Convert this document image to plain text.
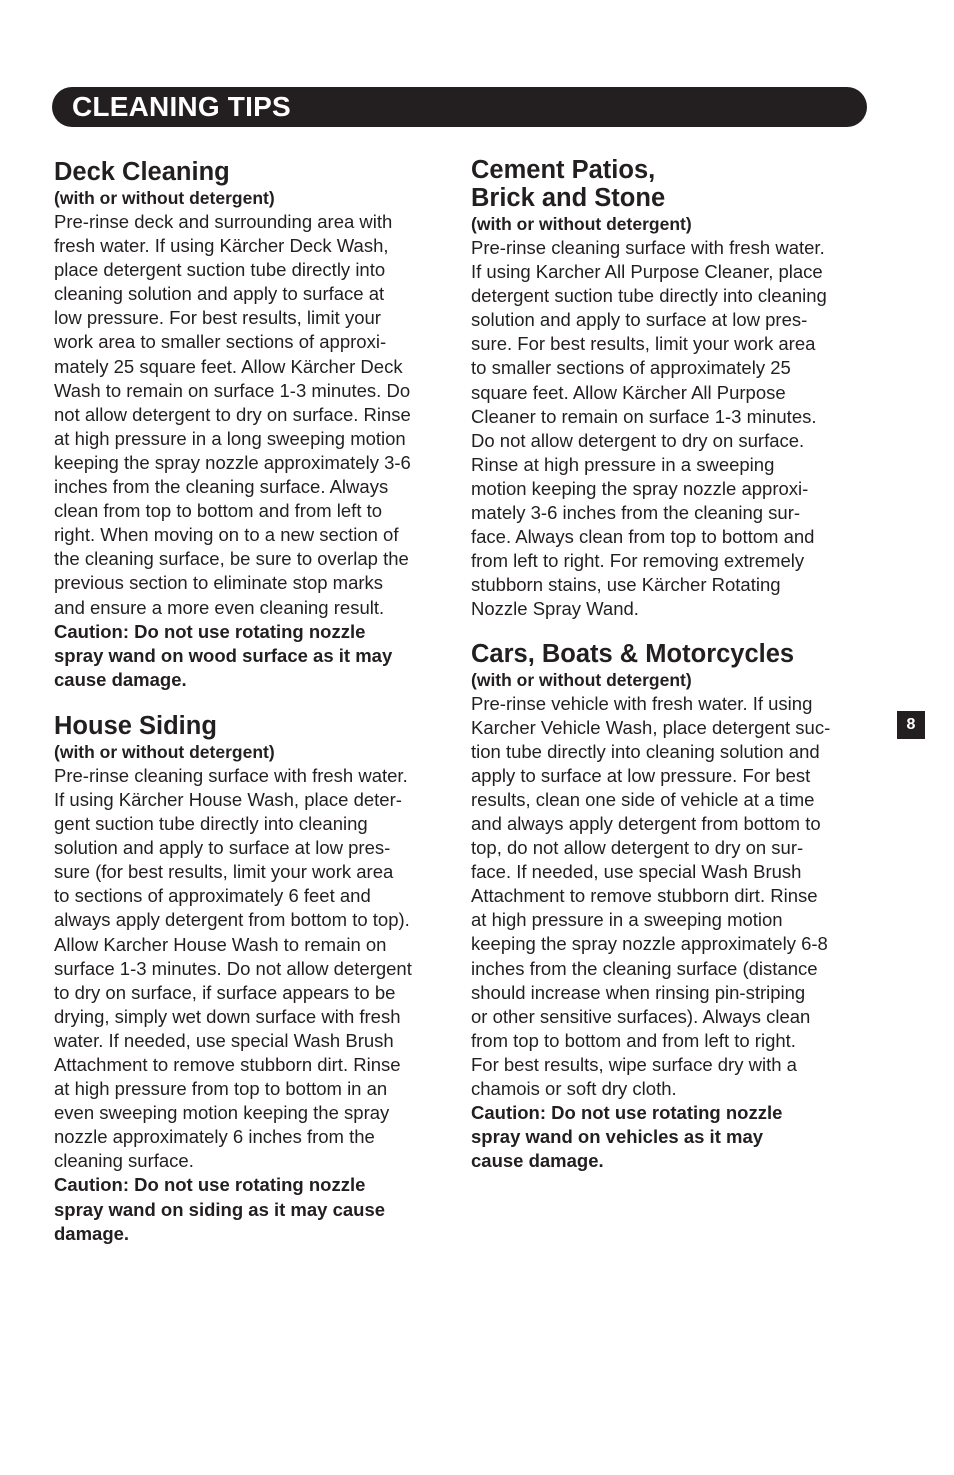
CLEANING TIPS
Deck Cleaning

(with or without detergent)

Pre-rinse deck and surrounding area with
fresh water. If using Kärcher Deck Wash,
place detergent suction tube directly into
cleaning solution and apply to surface at
low pressure. For best results, limit your
work area to smaller sections of approxi-
mately 25 square feet. Allow Kärcher Deck
Wash to remain on surface 1-3 minutes. Do
not allow detergent to dry on surface. Rinse
at high pressure in a long sweeping motion
keeping the spray nozzle approximately 3-6
inches from the cleaning surface. Always
clean from top to bottom and from left to
right. When moving on to a new section of
the cleaning surface, be sure to overlap the
previous section to eliminate stop marks
and ensure a more even cleaning result.

Caution: Do not use rotating nozzle
spray wand on wood surface as it may
cause damage.

House Siding

(with or without detergent)

Pre-rinse cleaning surface with fresh water.
If using Kärcher House Wash, place deter-
gent suction tube directly into cleaning
solution and apply to surface at low pres-
sure (for best results, limit your work area
to sections of approximately 6 feet and
always apply detergent from bottom to top).
Allow Karcher House Wash to remain on
surface 1-3 minutes. Do not allow detergent
to dry on surface, if surface appears to be
drying, simply wet down surface with fresh
water. If needed, use special Wash Brush
Attachment to remove stubborn dirt. Rinse
at high pressure from top to bottom in an
even sweeping motion keeping the spray
nozzle approximately 6 inches from the
cleaning surface.

Caution: Do not use rotating nozzle
spray wand on siding as it may cause
damage.

Cement Patios,
Brick and Stone

(with or without detergent)

Pre-rinse cleaning surface with fresh water.
If using Karcher All Purpose Cleaner, place
detergent suction tube directly into cleaning
solution and apply to surface at low pres-
sure. For best results, limit your work area
to smaller sections of approximately 25
square feet. Allow Kärcher All Purpose
Cleaner to remain on surface 1-3 minutes.
Do not allow detergent to dry on surface.
Rinse at high pressure in a sweeping
motion keeping the spray nozzle approxi-
mately 3-6 inches from the cleaning sur-
face. Always clean from top to bottom and
from left to right. For removing extremely
stubborn stains, use Kärcher Rotating
Nozzle Spray Wand.

Cars, Boats & Motorcycles

(with or without detergent)

Pre-rinse vehicle with fresh water. If using
Karcher Vehicle Wash, place detergent suc-
tion tube directly into cleaning solution and
apply to surface at low pressure. For best
results, clean one side of vehicle at a time
and always apply detergent from bottom to
top, do not allow detergent to dry on sur-
face. If needed, use special Wash Brush
Attachment to remove stubborn dirt. Rinse
at high pressure in a sweeping motion
keeping the spray nozzle approximately 6-8
inches from the cleaning surface (distance
should increase when rinsing pin-striping
or other sensitive surfaces). Always clean
from top to bottom and from left to right.
For best results, wipe surface dry with a
chamois or soft dry cloth.

Caution: Do not use rotating nozzle
spray wand on vehicles as it may
cause damage.

8
